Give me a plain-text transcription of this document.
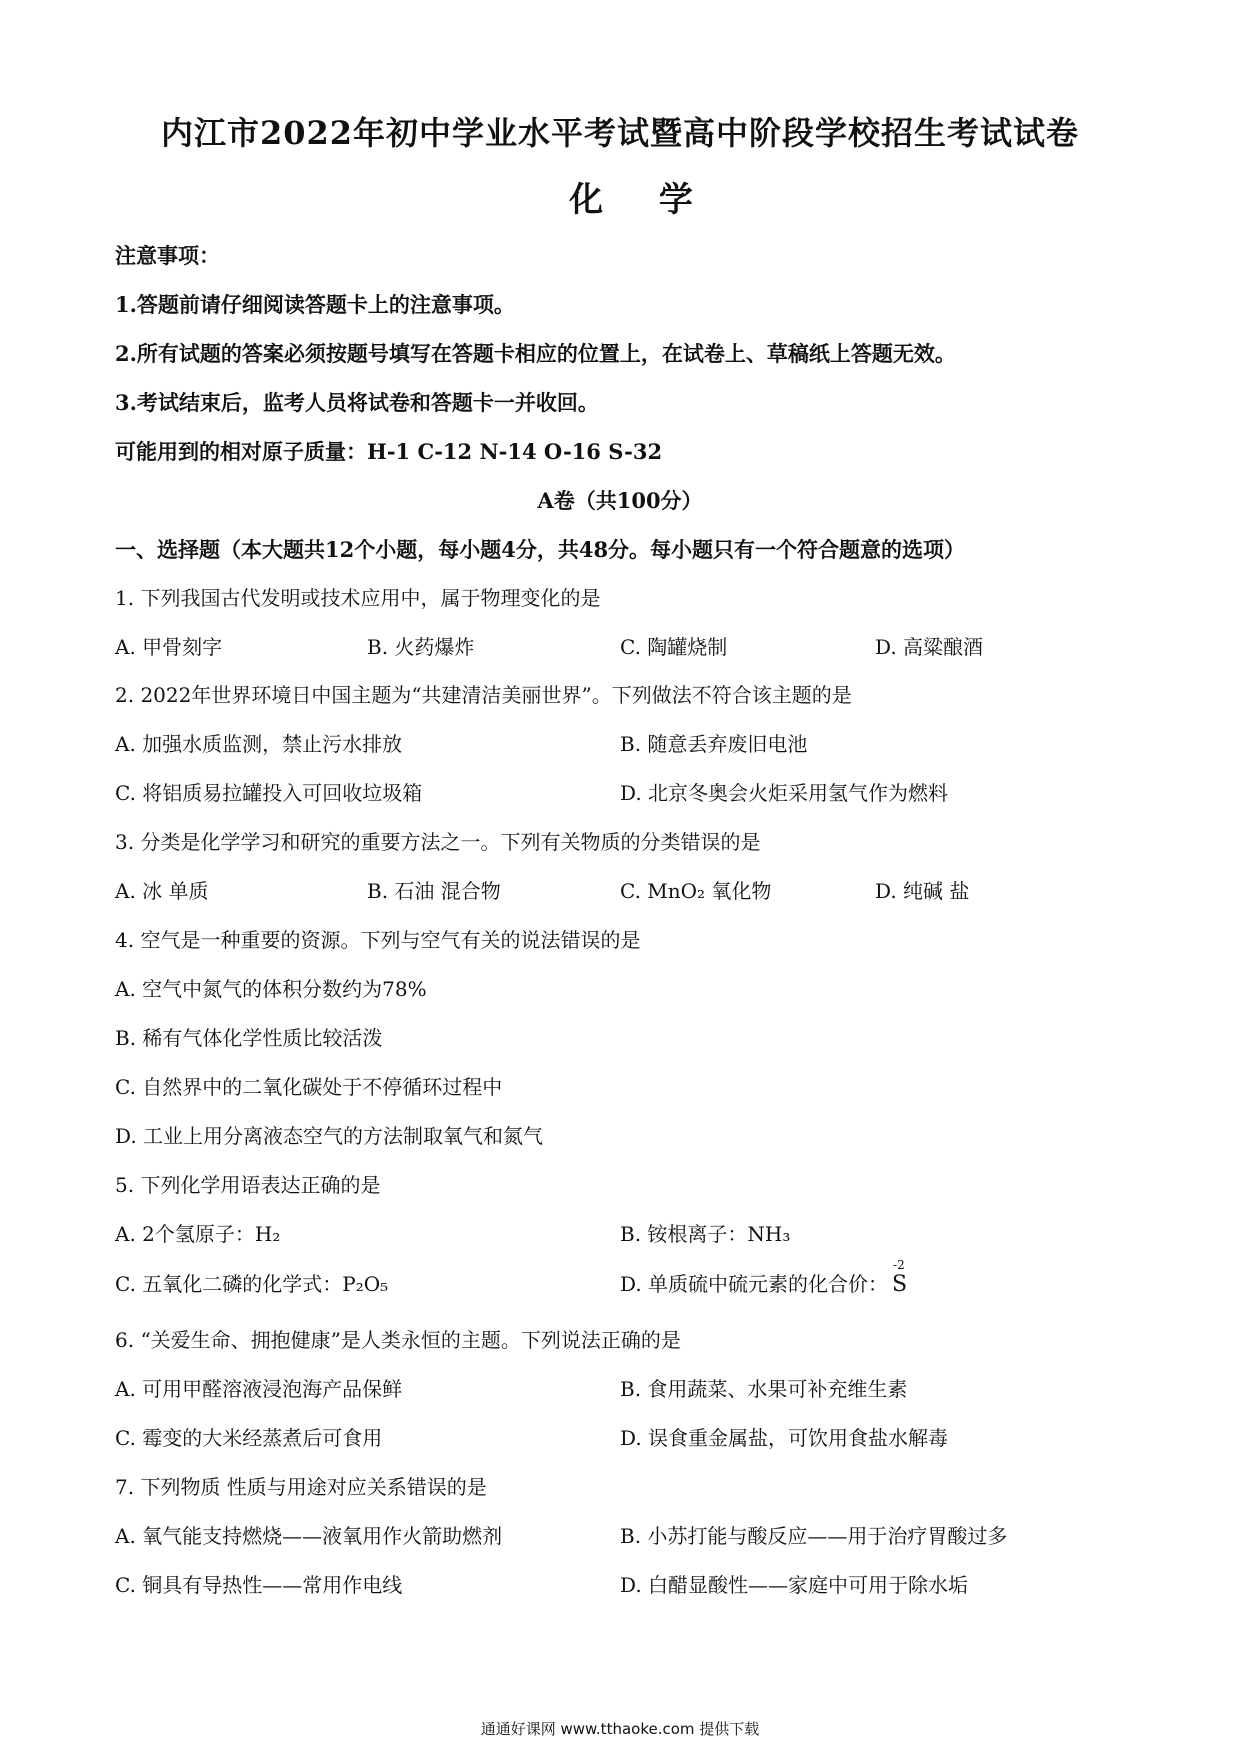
内江市2022年初中学业水平考试暨高中阶段学校招生考试试卷
化 学
注意事项：
1.答题前请仔细阅读答题卡上的注意事项。
2.所有试题的答案必须按题号填写在答题卡相应的位置上，在试卷上、草稿纸上答题无效。
3.考试结束后，监考人员将试卷和答题卡一并收回。
可能用到的相对原子质量：H-1 C-12 N-14 O-16 S-32
A卷（共100分）
一、选择题（本大题共12个小题，每小题4分，共48分。每小题只有一个符合题意的选项）
1. 下列我国古代发明或技术应用中，属于物理变化的是
A. 甲骨刻字	B. 火药爆炸	C. 陶罐烧制	D. 高粱酿酒
2. 2022年世界环境日中国主题为“共建清洁美丽世界”。下列做法不符合该主题的是
A. 加强水质监测，禁止污水排放	B. 随意丢弃废旧电池
C. 将铝质易拉罐投入可回收垃圾箱	D. 北京冬奥会火炬采用氢气作为燃料
3. 分类是化学学习和研究的重要方法之一。下列有关物质的分类错误的是
A. 冰 单质	B. 石油 混合物	C. MnO₂ 氧化物	D. 纯碱 盐
4. 空气是一种重要的资源。下列与空气有关的说法错误的是
A. 空气中氮气的体积分数约为78%
B. 稀有气体化学性质比较活泼
C. 自然界中的二氧化碳处于不停循环过程中
D. 工业上用分离液态空气的方法制取氧气和氮气
5. 下列化学用语表达正确的是
A. 2个氢原子：H₂	B. 铵根离子：NH₃
C. 五氧化二磷的化学式：P₂O₅	D. 单质硫中硫元素的化合价：
-2
S
6. “关爱生命、拥抱健康”是人类永恒的主题。下列说法正确的是
A. 可用甲醛溶液浸泡海产品保鲜	B. 食用蔬菜、水果可补充维生素
C. 霉变的大米经蒸煮后可食用	D. 误食重金属盐，可饮用食盐水解毒
7. 下列物质 性质与用途对应关系错误的是
A. 氧气能支持燃烧——液氧用作火箭助燃剂	B. 小苏打能与酸反应——用于治疗胃酸过多
C. 铜具有导热性——常用作电线	D. 白醋显酸性——家庭中可用于除水垢
通通好课网 www.tthaoke.com 提供下载
